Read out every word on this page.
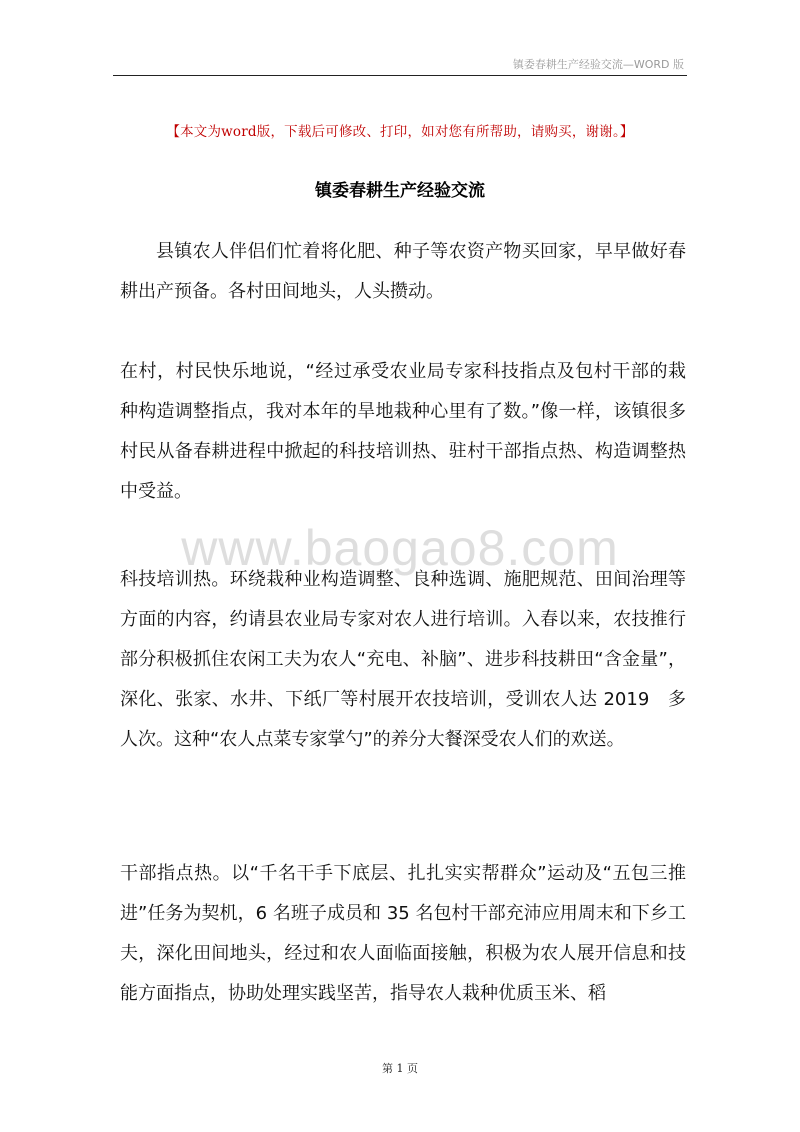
镇委春耕生产经验交流—WORD 版
【本文为word版，下载后可修改、打印，如对您有所帮助，请购买，谢谢。】
镇委春耕生产经验交流

县镇农人伴侣们忙着将化肥、种子等农资产物买回家，早早做好春耕出产预备。各村田间地头，人头攒动。

在村，村民快乐地说，“经过承受农业局专家科技指点及包村干部的栽种构造调整指点，我对本年的旱地栽种心里有了数。”像一样，该镇很多村民从备春耕进程中掀起的科技培训热、驻村干部指点热、构造调整热中受益。

科技培训热。环绕栽种业构造调整、良种选调、施肥规范、田间治理等方面的内容，约请县农业局专家对农人进行培训。入春以来，农技推行部分积极抓住农闲工夫为农人“充电、补脑”、进步科技耕田“含金量”，深化、张家、水井、下纸厂等村展开农技培训，受训农人达 2019　多人次。这种“农人点菜专家掌勺”的养分大餐深受农人们的欢送。

干部指点热。以“千名干手下底层、扎扎实实帮群众”运动及“五包三推进”任务为契机，6 名班子成员和 35 名包村干部充沛应用周末和下乡工夫，深化田间地头，经过和农人面临面接触，积极为农人展开信息和技能方面指点，协助处理实践坚苦，指导农人栽种优质玉米、稻

www.baogao8.com
第 1 页
